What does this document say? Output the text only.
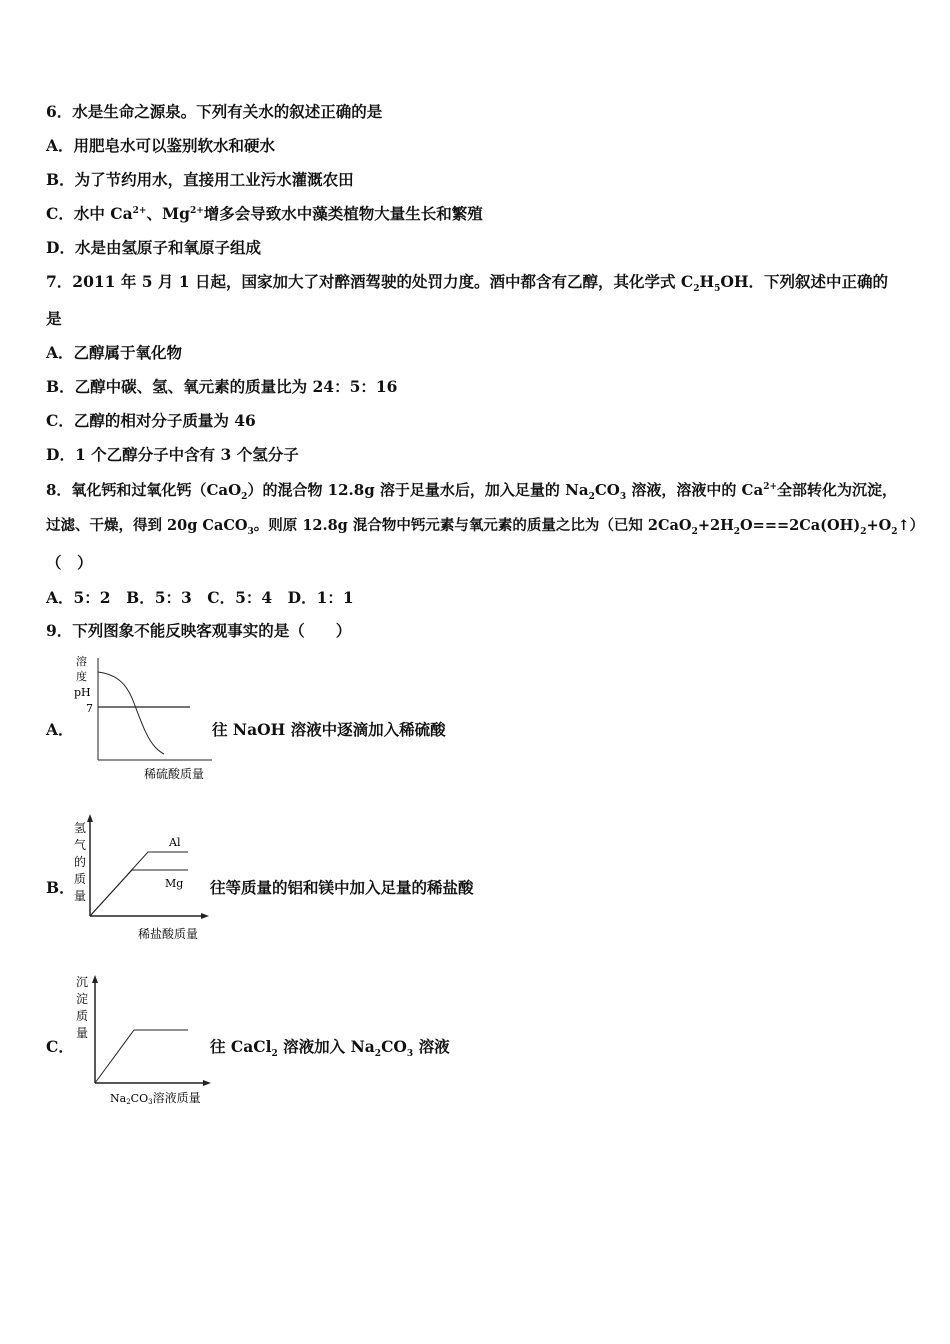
6．水是生命之源泉。下列有关水的叙述正确的是
A．用肥皂水可以鉴别软水和硬水
B．为了节约用水，直接用工业污水灌溉农田
C．水中 $Ca^{2+}$、$Mg^{2+}$增多会导致水中藻类植物大量生长和繁殖
D．水是由氢原子和氧原子组成
7．2011 年 5 月 1 日起，国家加大了对醉酒驾驶的处罚力度。酒中都含有乙醇，其化学式 $C_2H_5OH$．下列叙述中正确的
是
A．乙醇属于氧化物
B．乙醇中碳、氢、氧元素的质量比为 24：5：16
C．乙醇的相对分子质量为 46
D．1 个乙醇分子中含有 3 个氢分子
8．氧化钙和过氧化钙（CaO$_2$）的混合物 12.8g 溶于足量水后，加入足量的 $Na_2CO_3$ 溶液，溶液中的 $Ca^{2+}$全部转化为沉淀，
过滤、干燥，得到 20g CaCO$_3$。则原 12.8g 混合物中钙元素与氧元素的质量之比为（已知 $2CaO_2+2H_2O===2Ca(OH)_2+O_2↑$）
（　）
A．5：2　B．5：3　C．5：4　D．1：1
9．下列图象不能反映客观事实的是（　　）
A．
溶
度
pH
7
稀硫酸质量
往 NaOH 溶液中逐滴加入稀硫酸
B．
氢
气
的
质
量
Al
Mg
稀盐酸质量
往等质量的铝和镁中加入足量的稀盐酸
C．
沉
淀
质
量
Na2CO3溶液质量
往 CaCl$_2$ 溶液加入 $Na_2CO_3$ 溶液
